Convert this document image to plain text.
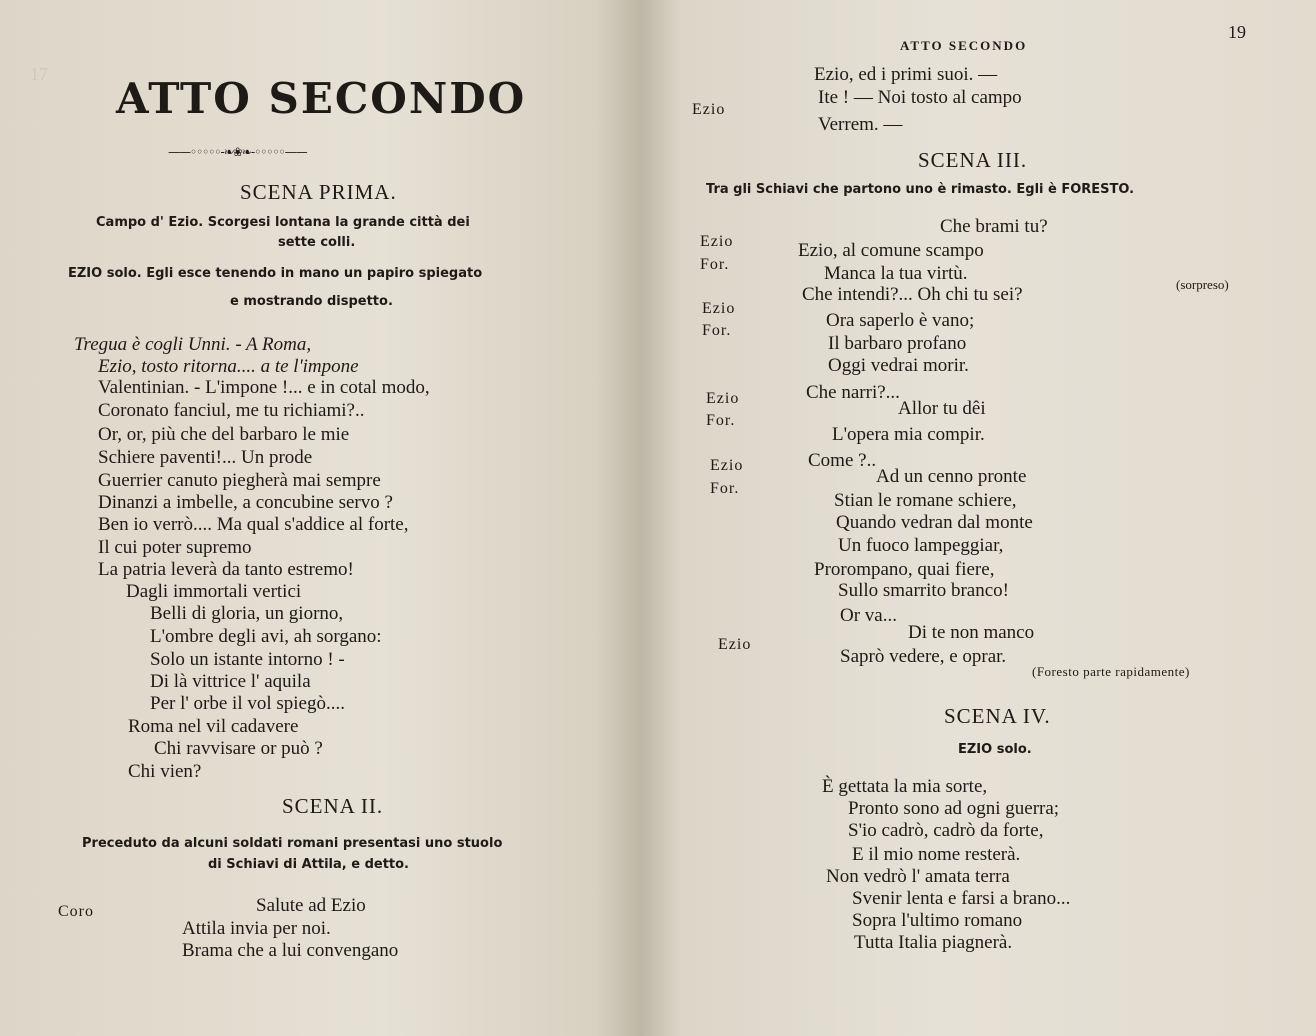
17 ATTO SECONDO
——◦◦◦◦◦-❧❀❧-◦◦◦◦◦——
SCENA PRIMA.
Campo d' Ezio. Scorgesi lontana la grande città dei
sette colli.
EZIO solo. Egli esce tenendo in mano un papiro spiegato
e mostrando dispetto.
Tregua è cogli Unni. - A Roma,
Ezio, tosto ritorna.... a te l'impone
Valentinian. - L'impone !... e in cotal modo,
Coronato fanciul, me tu richiami?..
Or, or, più che del barbaro le mie
Schiere paventi!... Un prode
Guerrier canuto piegherà mai sempre
Dinanzi a imbelle, a concubine servo ?
Ben io verrò.... Ma qual s'addice al forte,
Il cui poter supremo
La patria leverà da tanto estremo!
Dagli immortali vertici
Belli di gloria, un giorno,
L'ombre degli avi, ah sorgano:
Solo un istante intorno ! -
Di là vittrice l' aquila
Per l' orbe il vol spiegò....
Roma nel vil cadavere
Chi ravvisare or può ?
Chi vien?
SCENA II.
Preceduto da alcuni soldati romani presentasi uno stuolo
di Schiavi di Attila, e detto.
Coro	Salute ad Ezio
Attila invia per noi.
Brama che a lui convengano
ATTO SECONDO
19
Ezio
Ezio, ed i primi suoi. —
Ite ! — Noi tosto al campo
Verrem. —
SCENA III.
Tra gli Schiavi che partono uno è rimasto. Egli è FORESTO.
Ezio
For.
Ezio
For.
Ezio
For.
Ezio
For.
Ezio
Che brami tu?
Ezio, al comune scampo
Manca la tua virtù.
Che intendi?... Oh chi tu sei?	(sorpreso)
Ora saperlo è vano;
Il barbaro profano
Oggi vedrai morir.
Che narri?...
Allor tu dêi
L'opera mia compir.
Come ?..
Ad un cenno pronte
Stian le romane schiere,
Quando vedran dal monte
Un fuoco lampeggiar,
Prorompano, quai fiere,
Sullo smarrito branco!
Or va...
Di te non manco
Saprò vedere, e oprar.
(Foresto parte rapidamente)
SCENA IV.
EZIO solo.
È gettata la mia sorte,
Pronto sono ad ogni guerra;
S'io cadrò, cadrò da forte,
E il mio nome resterà.
Non vedrò l' amata terra
Svenir lenta e farsi a brano...
Sopra l'ultimo romano
Tutta Italia piagnerà.
